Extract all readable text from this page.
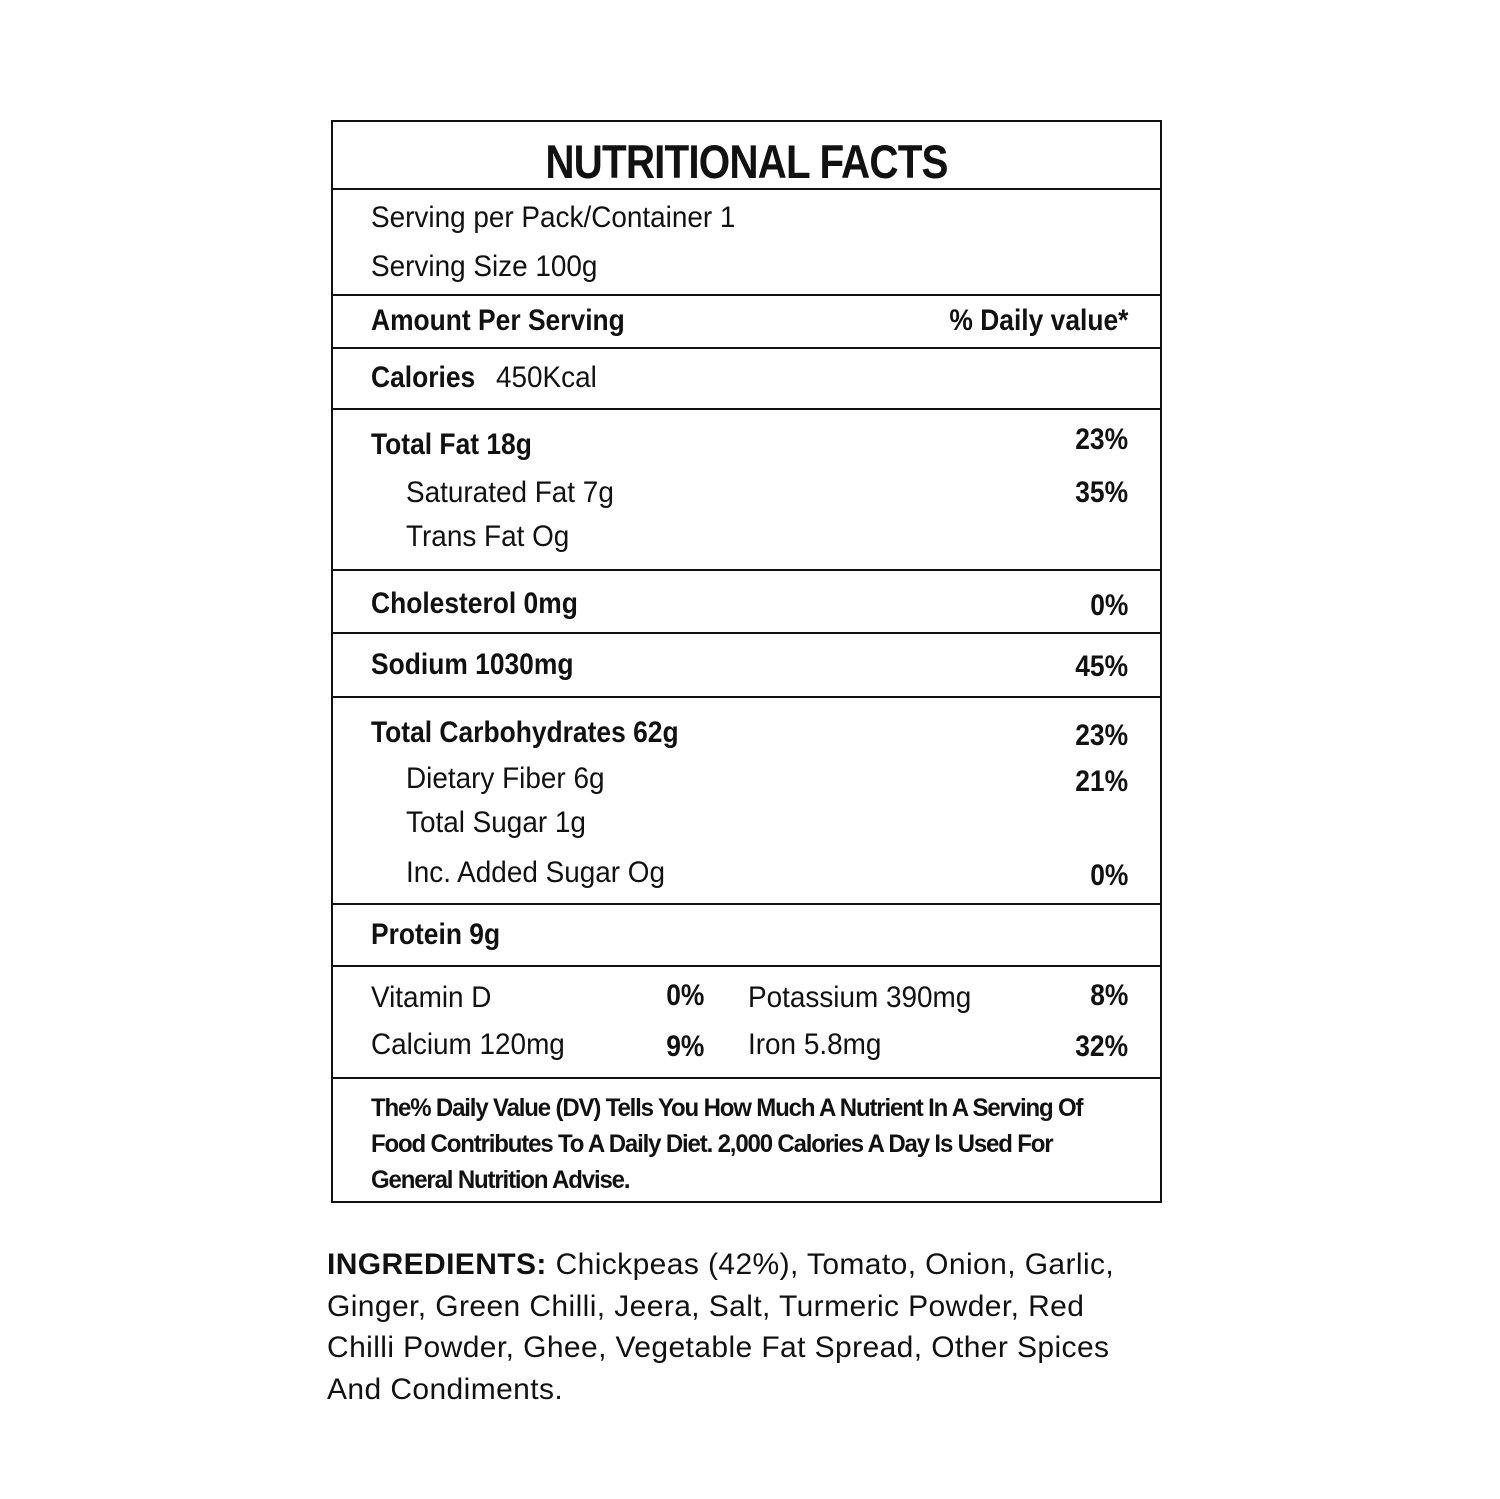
NUTRITIONAL FACTS
Serving per Pack/Container 1
Serving Size 100g
Amount Per Serving	% Daily value*
Calories 450Kcal
Total Fat 18g	23%
Saturated Fat 7g	35%
Trans Fat Og
Cholesterol 0mg	0%
Sodium 1030mg	45%
Total Carbohydrates 62g	23%
Dietary Fiber 6g	21%
Total Sugar 1g
Inc. Added Sugar Og	0%
Protein 9g
Vitamin D	0% Potassium 390mg	8%
Calcium 120mg	9% Iron 5.8mg	32%
The% Daily Value (DV) Tells You How Much A Nutrient In A Serving Of Food Contributes To A Daily Diet. 2,000 Calories A Day Is Used For General Nutrition Advise.
INGREDIENTS: Chickpeas (42%), Tomato, Onion, Garlic, Ginger, Green Chilli, Jeera, Salt, Turmeric Powder, Red Chilli Powder, Ghee, Vegetable Fat Spread, Other Spices And Condiments.
